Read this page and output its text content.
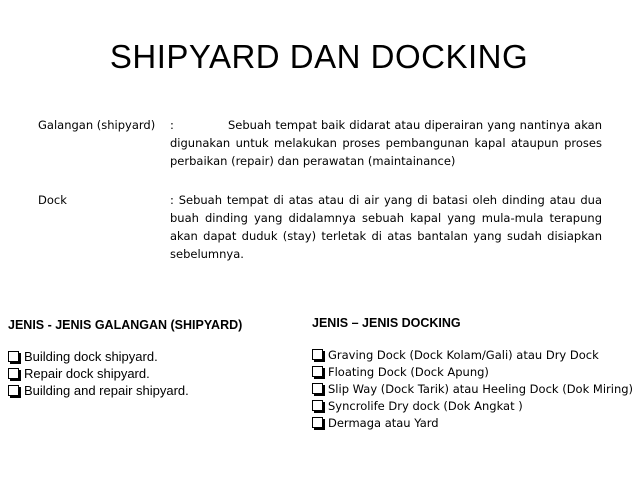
SHIPYARD DAN DOCKING
Galangan (shipyard) :	Sebuah tempat baik didarat atau diperairan yang nantinya akan digunakan untuk melakukan proses pembangunan kapal ataupun proses perbaikan (repair) dan perawatan (maintainance)
Dock	: Sebuah tempat di atas atau di air yang di batasi oleh dinding atau dua buah dinding yang didalamnya sebuah kapal yang mula-mula terapung akan dapat duduk (stay) terletak di atas bantalan yang sudah disiapkan sebelumnya.
JENIS - JENIS GALANGAN (SHIPYARD)
Building dock shipyard.
Repair dock shipyard.
Building and repair shipyard.
JENIS – JENIS DOCKING
Graving Dock (Dock Kolam/Gali) atau Dry Dock
Floating Dock (Dock Apung)
Slip Way (Dock Tarik) atau Heeling Dock (Dok Miring)
Syncrolife Dry dock (Dok Angkat )
Dermaga atau Yard
